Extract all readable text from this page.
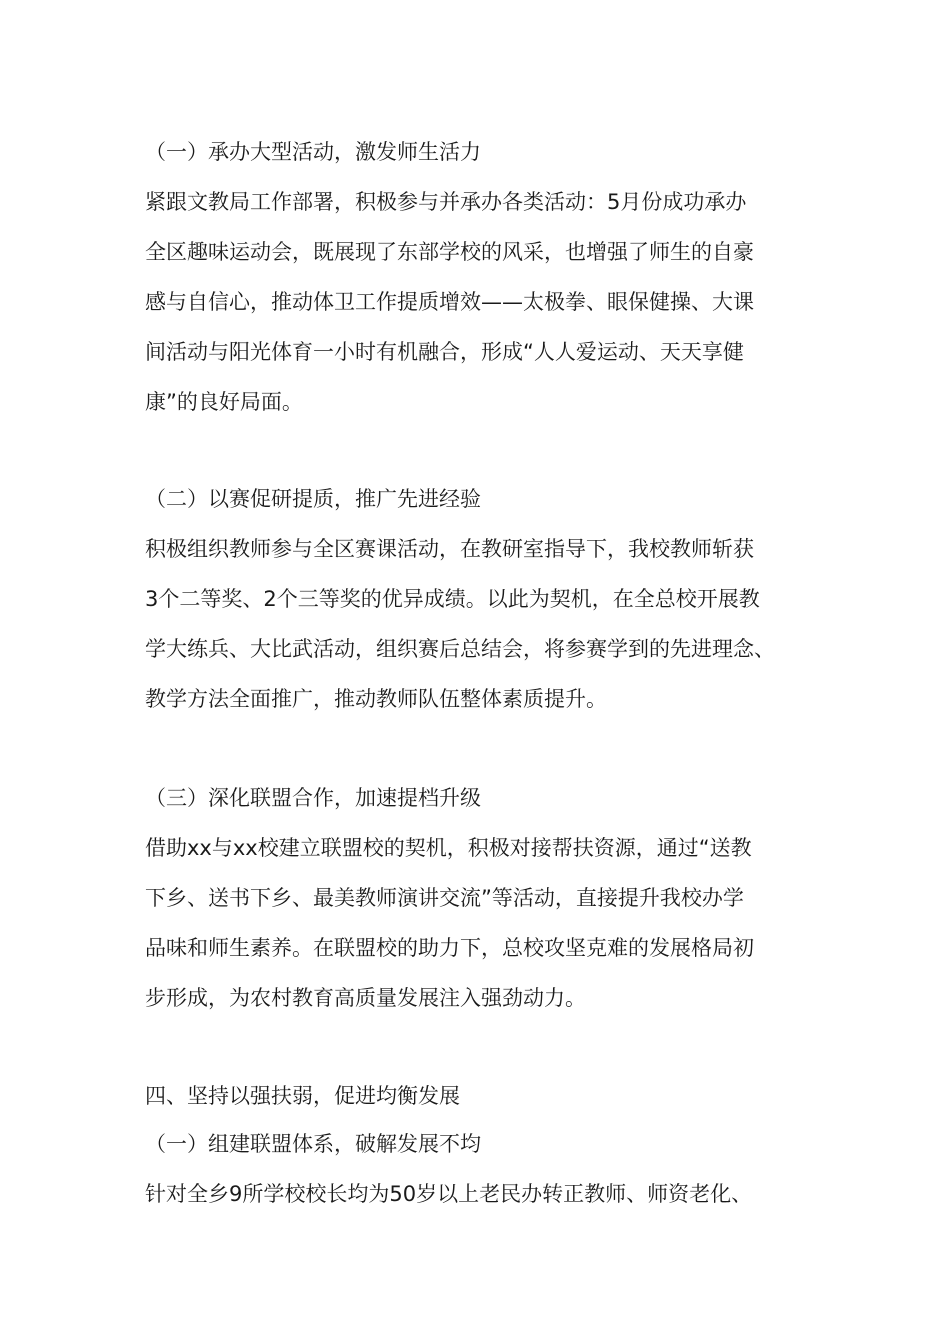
（一）承办大型活动，激发师生活力

紧跟文教局工作部署，积极参与并承办各类活动：5月份成功承办
全区趣味运动会，既展现了东部学校的风采，也增强了师生的自豪
感与自信心，推动体卫工作提质增效——太极拳、眼保健操、大课
间活动与阳光体育一小时有机融合，形成“人人爱运动、天天享健
康”的良好局面。

（二）以赛促研提质，推广先进经验

积极组织教师参与全区赛课活动，在教研室指导下，我校教师斩获
3个二等奖、2个三等奖的优异成绩。以此为契机，在全总校开展教
学大练兵、大比武活动，组织赛后总结会，将参赛学到的先进理念、
教学方法全面推广，推动教师队伍整体素质提升。

（三）深化联盟合作，加速提档升级

借助xx与xx校建立联盟校的契机，积极对接帮扶资源，通过“送教
下乡、送书下乡、最美教师演讲交流”等活动，直接提升我校办学
品味和师生素养。在联盟校的助力下，总校攻坚克难的发展格局初
步形成，为农村教育高质量发展注入强劲动力。

四、坚持以强扶弱，促进均衡发展

（一）组建联盟体系，破解发展不均

针对全乡9所学校校长均为50岁以上老民办转正教师、师资老化、
